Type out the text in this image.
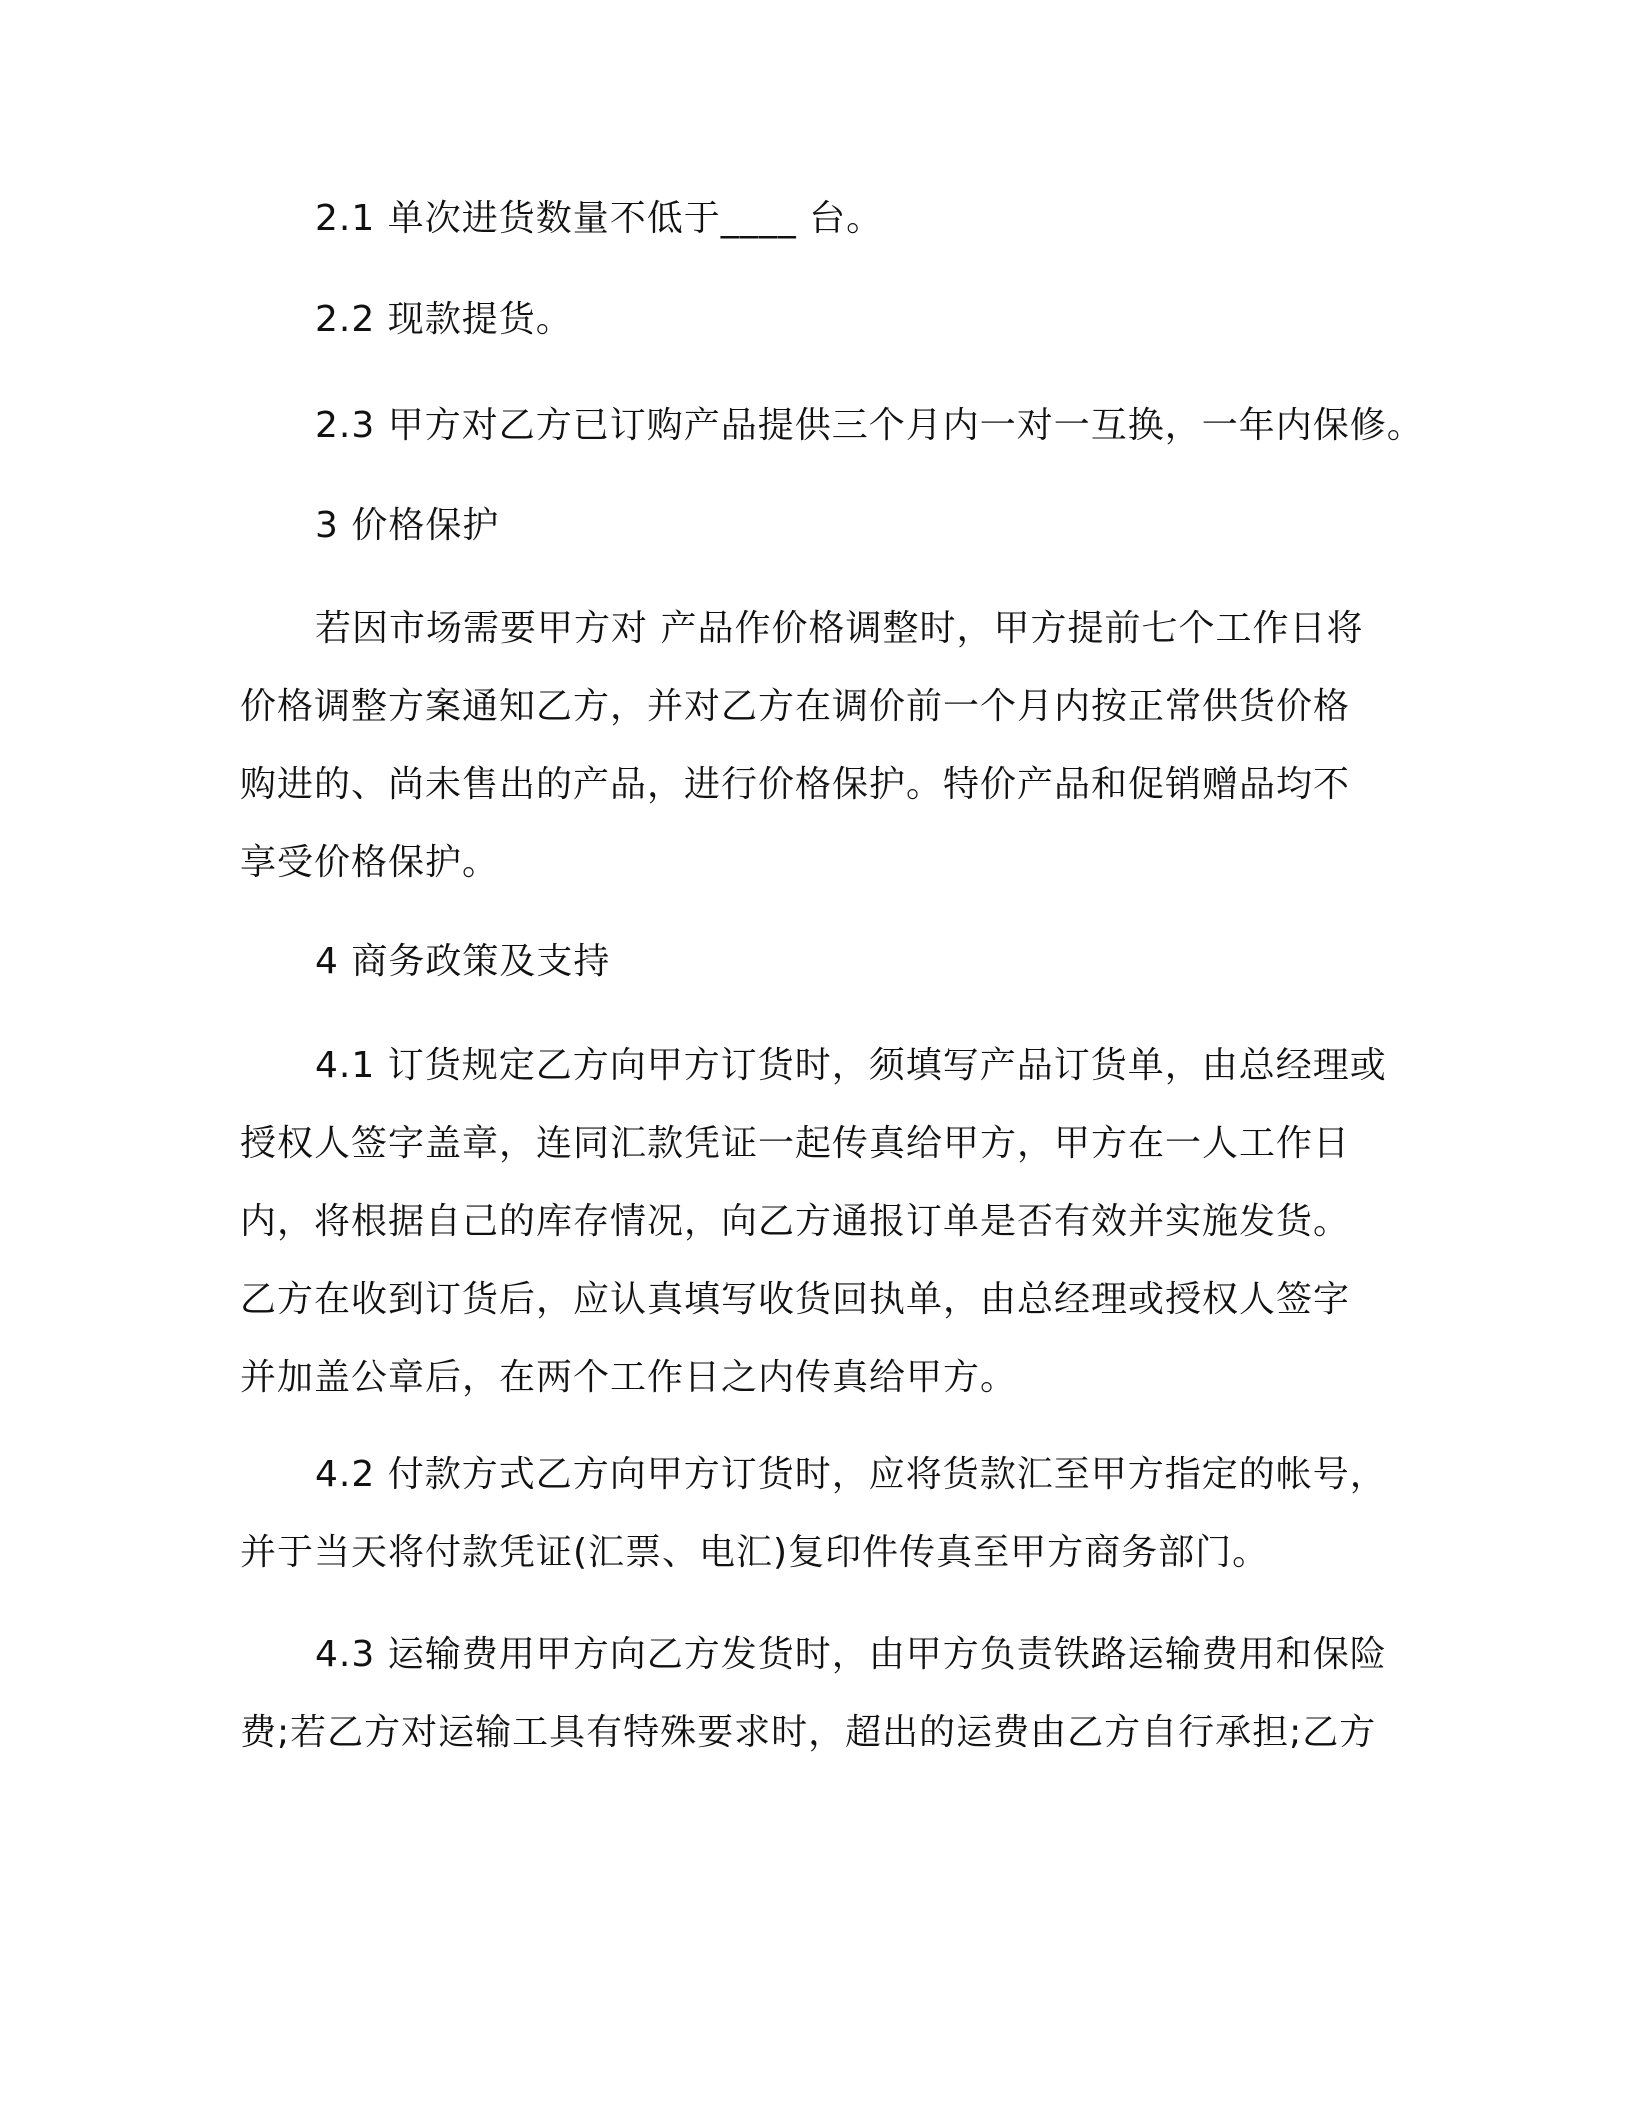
2.1 单次进货数量不低于____ 台。
2.2 现款提货。
2.3 甲方对乙方已订购产品提供三个月内一对一互换，一年内保修。
3 价格保护
若因市场需要甲方对 产品作价格调整时，甲方提前七个工作日将
价格调整方案通知乙方，并对乙方在调价前一个月内按正常供货价格
购进的、尚未售出的产品，进行价格保护。特价产品和促销赠品均不
享受价格保护。
4 商务政策及支持
4.1 订货规定乙方向甲方订货时，须填写产品订货单，由总经理或
授权人签字盖章，连同汇款凭证一起传真给甲方，甲方在一人工作日
内，将根据自己的库存情况，向乙方通报订单是否有效并实施发货。
乙方在收到订货后，应认真填写收货回执单，由总经理或授权人签字
并加盖公章后，在两个工作日之内传真给甲方。
4.2 付款方式乙方向甲方订货时，应将货款汇至甲方指定的帐号，
并于当天将付款凭证(汇票、电汇)复印件传真至甲方商务部门。
4.3 运输费用甲方向乙方发货时，由甲方负责铁路运输费用和保险
费;若乙方对运输工具有特殊要求时，超出的运费由乙方自行承担;乙方
